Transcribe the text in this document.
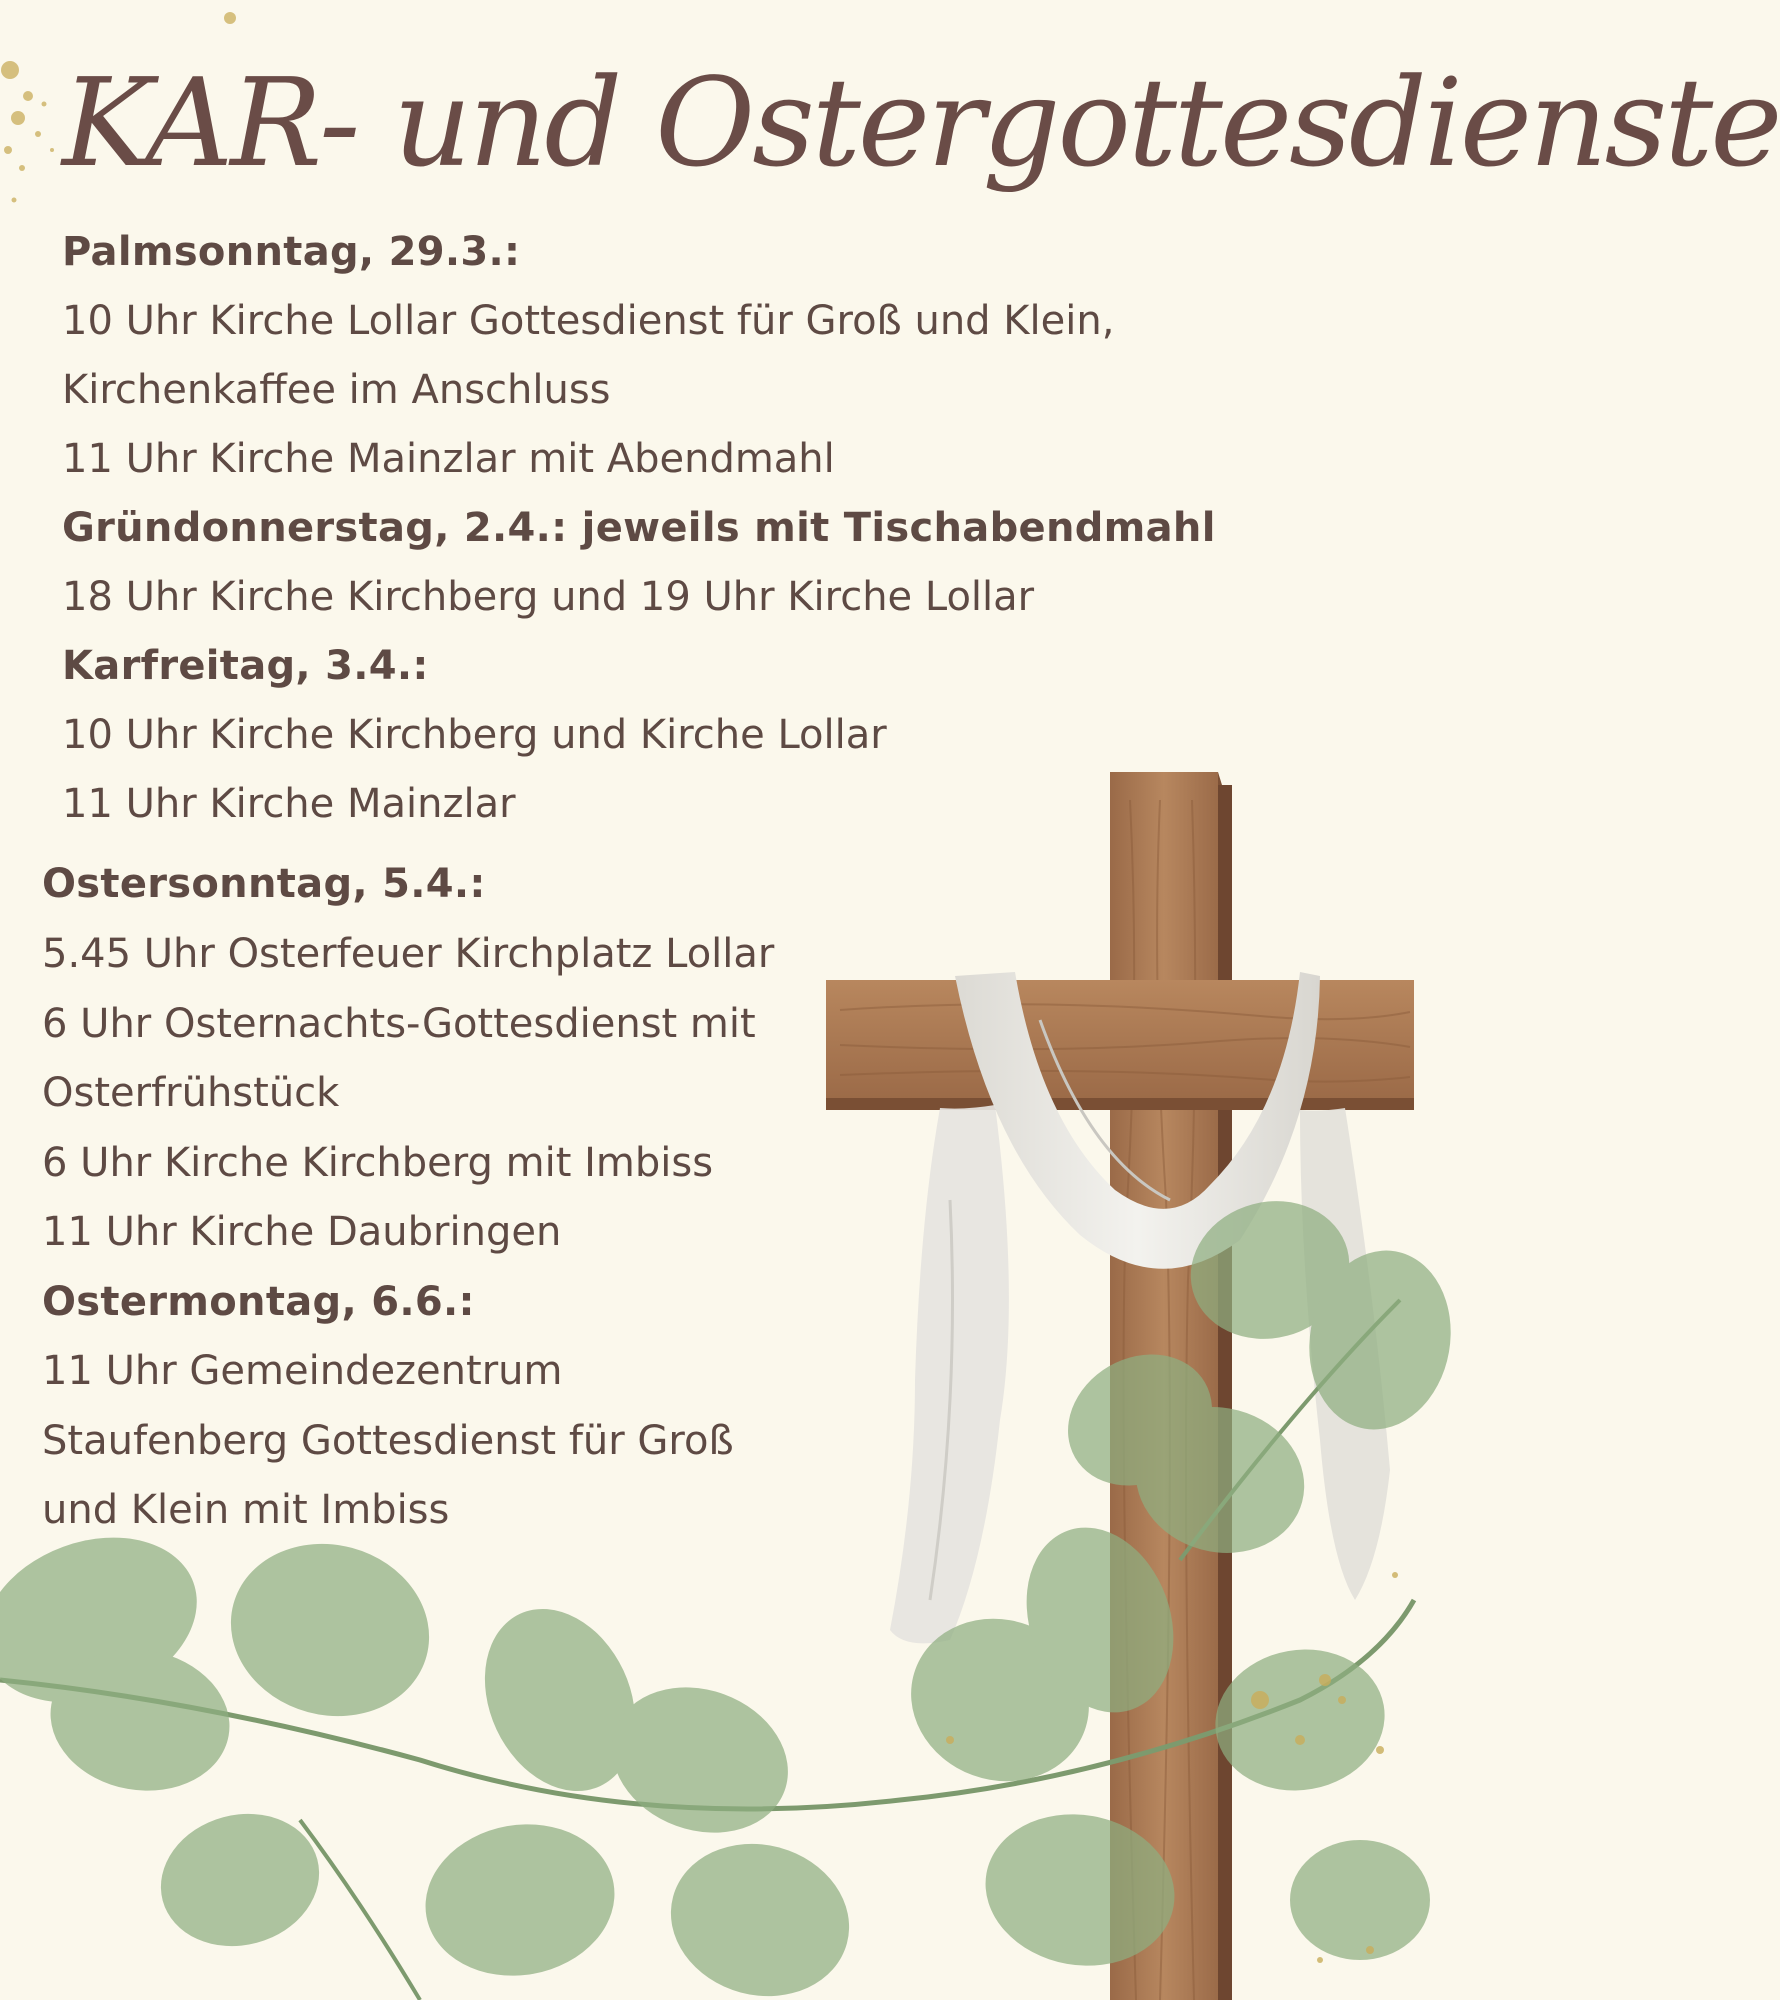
KAR- und Ostergottesdienste
Palmsonntag, 29.3.:
10 Uhr Kirche Lollar Gottesdienst für Groß und Klein,
Kirchenkaffee im Anschluss
11 Uhr Kirche Mainzlar mit Abendmahl
Gründonnerstag, 2.4.: jeweils mit Tischabendmahl
18 Uhr Kirche Kirchberg und 19 Uhr Kirche Lollar
Karfreitag, 3.4.:
10 Uhr Kirche Kirchberg und Kirche Lollar
11 Uhr Kirche Mainzlar
Ostersonntag, 5.4.:
5.45 Uhr Osterfeuer Kirchplatz Lollar
6 Uhr Osternachts-Gottesdienst mit
Osterfrühstück
6 Uhr Kirche Kirchberg mit Imbiss
11 Uhr Kirche Daubringen
Ostermontag, 6.6.:
11 Uhr Gemeindezentrum
Staufenberg Gottesdienst für Groß
und Klein mit Imbiss
